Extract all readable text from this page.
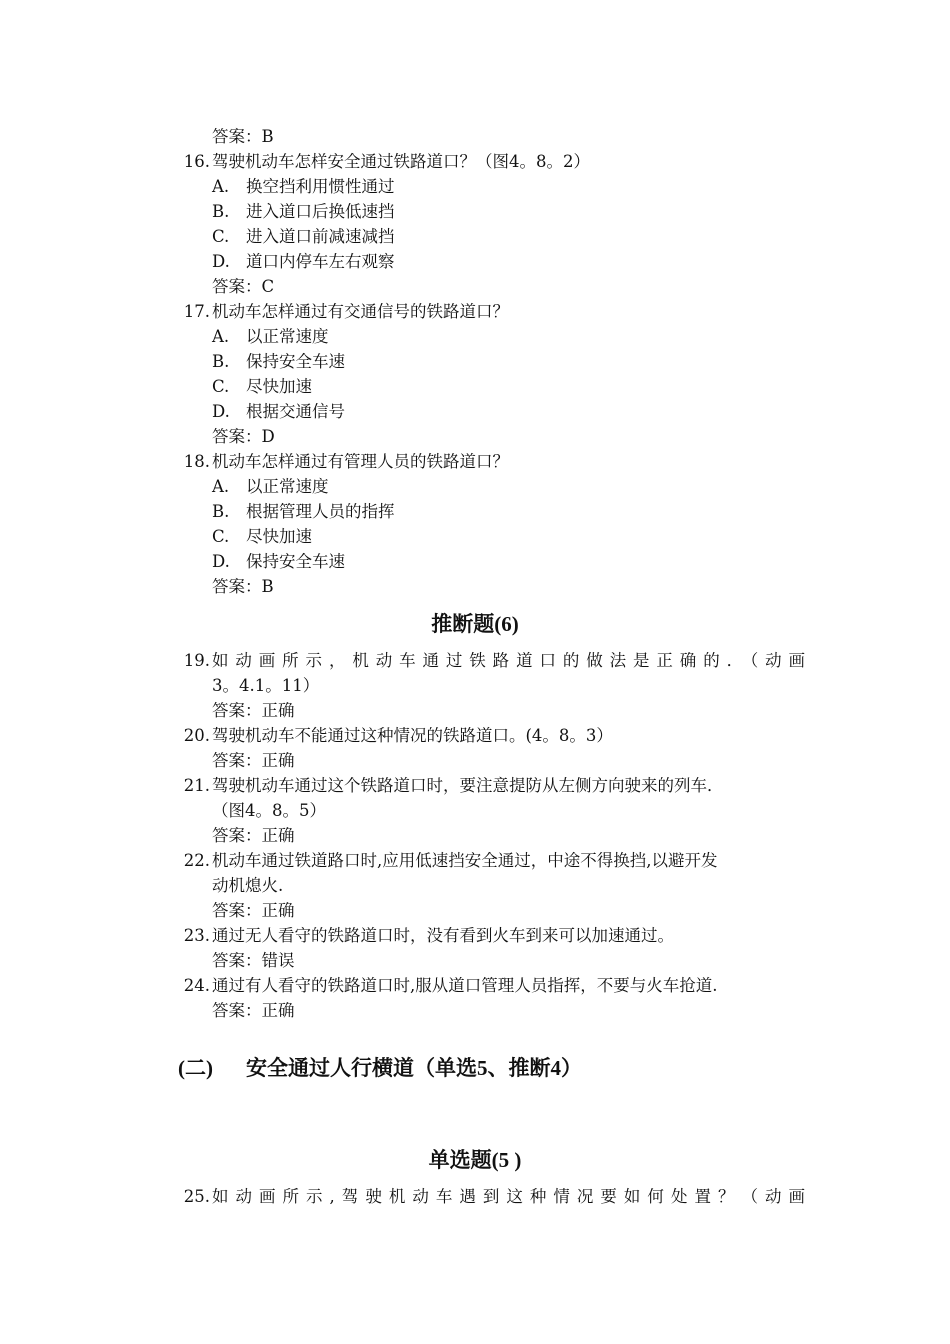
答案：B
16. 驾驶机动车怎样安全通过铁路道口？（图4。8。2）
A. 换空挡利用惯性通过
B. 进入道口后换低速挡
C. 进入道口前减速减挡
D. 道口内停车左右观察
答案：C
17. 机动车怎样通过有交通信号的铁路道口？
A. 以正常速度
B. 保持安全车速
C. 尽快加速
D. 根据交通信号
答案：D
18. 机动车怎样通过有管理人员的铁路道口？
A. 以正常速度
B. 根据管理人员的指挥
C. 尽快加速
D. 保持安全车速
答案：B
推断题(6)
19. 如动画所示，机动车通过铁路道口的做法是正确的．（动画
3。4.1。11）
答案：正确
20. 驾驶机动车不能通过这种情况的铁路道口。(4。8。3）
答案：正确
21. 驾驶机动车通过这个铁路道口时，要注意提防从左侧方向驶来的列车．
（图4。8。5）
答案：正确
22. 机动车通过铁道路口时,应用低速挡安全通过，中途不得换挡,以避开发
动机熄火.
答案：正确
23. 通过无人看守的铁路道口时，没有看到火车到来可以加速通过。
答案：错误
24. 通过有人看守的铁路道口时,服从道口管理人员指挥，不要与火车抢道.
答案：正确
(二) 安全通过人行横道（单选5、推断4）
单选题(5 )
25. 如动画所示,驾驶机动车遇到这种情况要如何处置？（动画
